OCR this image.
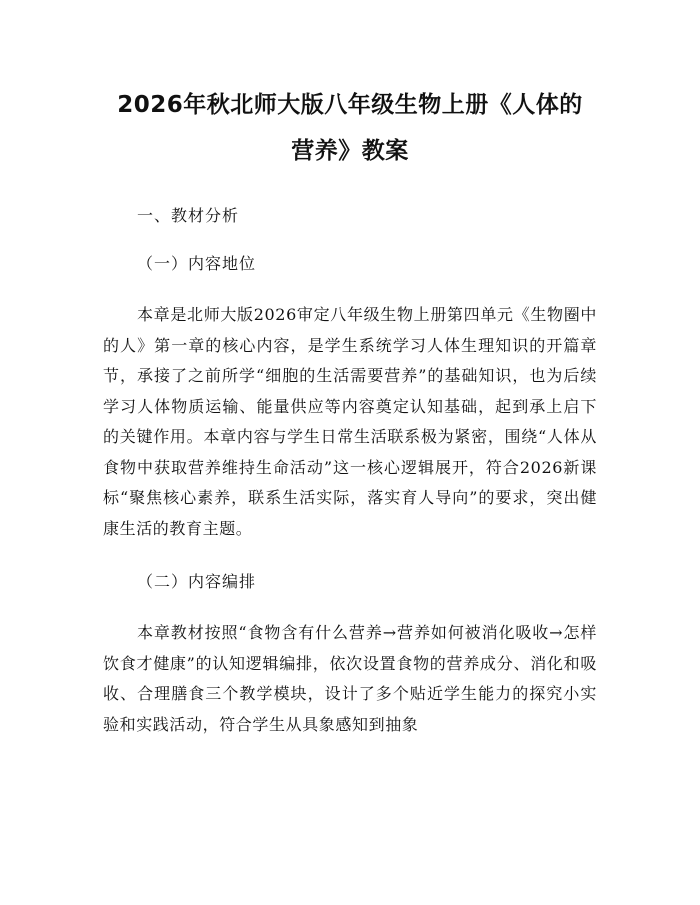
2026年秋北师大版八年级生物上册《人体的
营养》教案

一、教材分析

（一）内容地位

本章是北师大版2026审定八年级生物上册第四单元《生物圈中的人》第一章的核心内容，是学生系统学习人体生理知识的开篇章节，承接了之前所学“细胞的生活需要营养”的基础知识，也为后续学习人体物质运输、能量供应等内容奠定认知基础，起到承上启下的关键作用。本章内容与学生日常生活联系极为紧密，围绕“人体从食物中获取营养维持生命活动”这一核心逻辑展开，符合2026新课标“聚焦核心素养，联系生活实际，落实育人导向”的要求，突出健康生活的教育主题。

（二）内容编排

本章教材按照“食物含有什么营养→营养如何被消化吸收→怎样饮食才健康”的认知逻辑编排，依次设置食物的营养成分、消化和吸收、合理膳食三个教学模块，设计了多个贴近学生能力的探究小实验和实践活动，符合学生从具象感知到抽象
